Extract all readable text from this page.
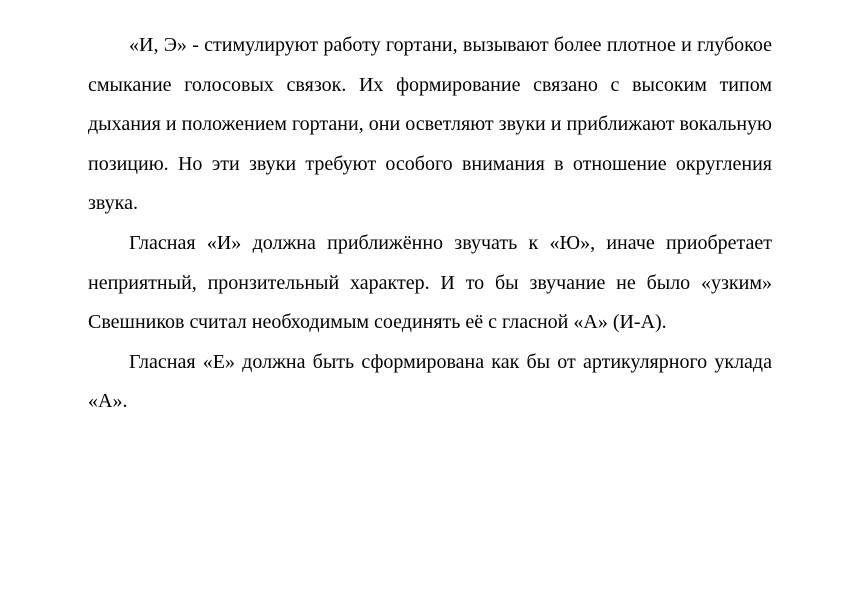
«И, Э» - стимулируют работу гортани, вызывают более плотное и глубокое смыкание голосовых связок. Их формирование связано с высоким типом дыхания и положением гортани, они осветляют звуки и приближают вокальную позицию. Но эти звуки требуют особого внимания в отношение округления звука.

Гласная «И» должна приближённо звучать к «Ю», иначе приобретает неприятный, пронзительный характер. И то бы звучание не было «узким» Свешников считал необходимым соединять её с гласной «А» (И-А).

Гласная «Е» должна быть сформирована как бы от артикулярного уклада «А».
